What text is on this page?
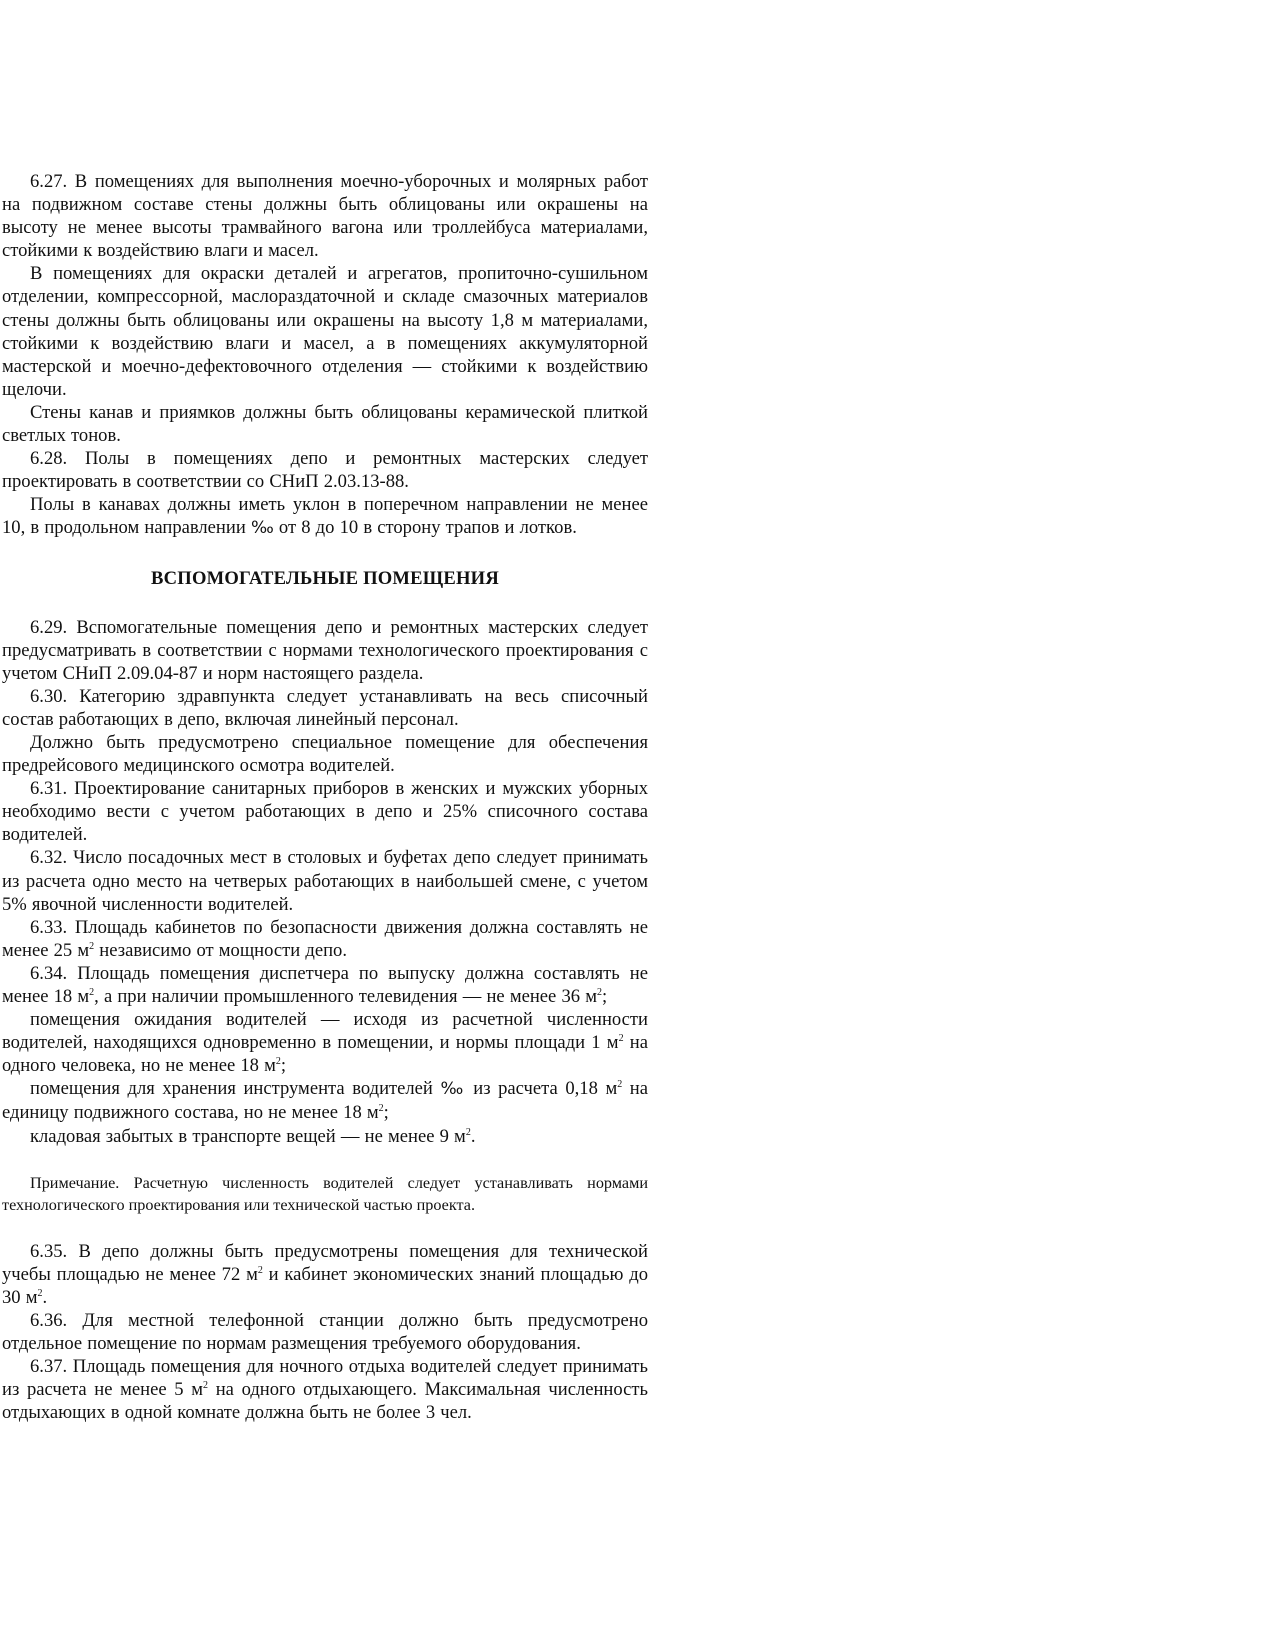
6.27. В помещениях для выполнения моечно-уборочных и молярных работ на подвижном составе стены должны быть облицованы или окрашены на высоту не менее высоты трамвайного вагона или троллейбуса материалами, стойкими к воздействию влаги и масел.

В помещениях для окраски деталей и агрегатов, пропиточно-сушильном отделении, компрессорной, маслораздаточной и складе смазочных материалов стены должны быть облицованы или окрашены на высоту 1,8 м материалами, стойкими к воздействию влаги и масел, а в помещениях аккумуляторной мастерской и моечно-дефектовочного отделения — стойкими к воздействию щелочи.

Стены канав и приямков должны быть облицованы керамической плиткой светлых тонов.

6.28. Полы в помещениях депо и ремонтных мастерских следует проектировать в соответствии со СНиП 2.03.13-88.

Полы в канавах должны иметь уклон в поперечном направлении не менее 10, в продольном направлении ‰ от 8 до 10 в сторону трапов и лотков.

ВСПОМОГАТЕЛЬНЫЕ ПОМЕЩЕНИЯ

6.29. Вспомогательные помещения депо и ремонтных мастерских следует предусматривать в соответствии с нормами технологического проектирования с учетом СНиП 2.09.04-87 и норм настоящего раздела.

6.30. Категорию здравпункта следует устанавливать на весь списочный состав работающих в депо, включая линейный персонал.

Должно быть предусмотрено специальное помещение для обеспечения предрейсового медицинского осмотра водителей.

6.31. Проектирование санитарных приборов в женских и мужских уборных необходимо вести с учетом работающих в депо и 25% списочного состава водителей.

6.32. Число посадочных мест в столовых и буфетах депо следует принимать из расчета одно место на четверых работающих в наибольшей смене, с учетом 5% явочной численности водителей.

6.33. Площадь кабинетов по безопасности движения должна составлять не менее 25 $м^2$ независимо от мощности депо.

6.34. Площадь помещения диспетчера по выпуску должна составлять не менее 18 $м^2$, а при наличии промышленного телевидения — не менее 36 $м^2$;

помещения ожидания водителей — исходя из расчетной численности водителей, находящихся одновременно в помещении, и нормы площади 1 $м^2$ на одного человека, но не менее 18 $м^2$;

помещения для хранения инструмента водителей ‰ из расчета 0,18 $м^2$ на единицу подвижного состава, но не менее 18 $м^2$;

кладовая забытых в транспорте вещей — не менее 9 $м^2$.

Примечание. Расчетную численность водителей следует устанавливать нормами технологического проектирования или технической частью проекта.

6.35. В депо должны быть предусмотрены помещения для технической учебы площадью не менее 72 $м^2$ и кабинет экономических знаний площадью до 30 $м^2$.

6.36. Для местной телефонной станции должно быть предусмотрено отдельное помещение по нормам размещения требуемого оборудования.

6.37. Площадь помещения для ночного отдыха водителей следует принимать из расчета не менее 5 $м^2$ на одного отдыхающего. Максимальная численность отдыхающих в одной комнате должна быть не более 3 чел.
